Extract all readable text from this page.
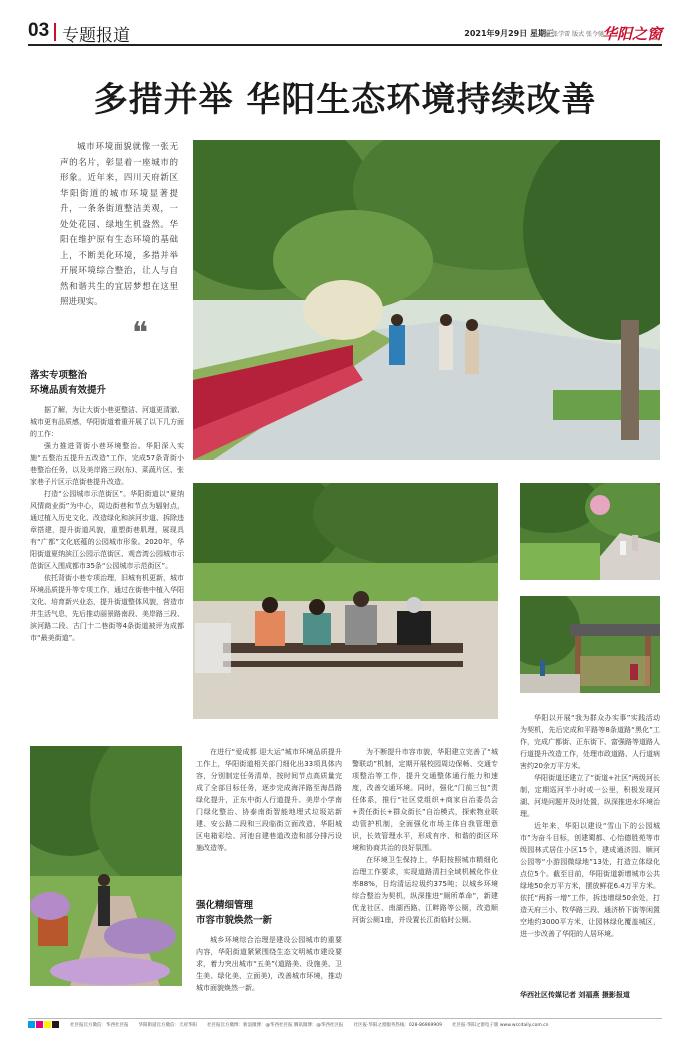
03 专题报道	2021年9月29日 星期三
责编 张学雷 版式 张令驰
华阳之窗
多措并举 华阳生态环境持续改善
城市环境面貌就像一张无声的名片，彰显着一座城市的形象。近年来，四川天府新区华阳街道的城市环境显著提升，一条条街道整洁美观，一处处花园、绿地生机盎然。华阳在维护原有生态环境的基础上，不断美化环境，多措并举开展环境综合整治，让人与自然和谐共生的宜居梦想在这里照进现实。
❝
落实专项整治
环境品质有效提升

据了解，为让大街小巷更整洁、河道更清澈、城市更有品质感，华阳街道着重开展了以下几方面的工作：

强力推进背街小巷环境整治。华阳深入实施“五整治五提升五改造”工作，完成57条背街小巷整治任务，以及美岸路三段(东)、菜蔬片区、张家巷子片区示范街巷提升改造。

打造“公园城市示范街区”。华阳街道以“夏纳风情商业街”为中心，周边街巷和节点为辐射点，通过植入历史文化、改造绿化和滨河步道、拆除违章搭建，提升街道风貌，重塑街巷肌理，展现具有“广都”文化底蕴的公园城市形象。2020年，华阳街道夏纳滨江公园示范街区、观音湾公园城市示范街区入围成都市35条“公园城市示范街区”。

依托背街小巷专项治理，旧城有机更新，城市环境品质提升等专项工作，通过在街巷中植入华阳文化、培育新兴业态，提升街道整体风貌，营造市井生活气息，先后推动丽景路南段、美岸路三段、滨河路二段、古门十二巷街等4条街道被评为成都市“最美街道”。

华阳以开展“我为群众办实事”实践活动为契机，先后完成和平路等8条道路“黑化”工作，完成广都街、正东街下、富强路等道路人行道提升改造工作，处理市政道路、人行道病害约20余万平方米。

华阳街道还建立了“街道+社区”两级河长制，定期巡河半小时或一公里，积极发现河湖、河堤问题并及时处置，纵深推进水环境治理。

近年来，华阳以建设“雪山下的公园城市”为奋斗目标，创建蜀都、心怡德胜苑等市级园林式居住小区15个，建成通济园、顺河公园等“小游园微绿地”13处，打造立体绿化点位5个。截至目前，华阳街道新增城市公共绿地50余万平方米，摆放鲜花6.4万平方米。依托“两拆一增”工作，拆违增绿50余处，打造天府三小、牧华路三段、通济桥下街等闲置空地约3000平方米，让园林绿化覆盖城区，进一步改善了华阳的人居环境。

在进行“爱成都 迎大运”城市环境品质提升工作上，华阳街道相关部门细化出33项具体内容，分别制定任务清单，按时间节点高质量完成了全部目标任务，逐步完成海洋路至海昌路绿化提升，正东中街人行道提升、美岸小学南门绿化整治、协泰南街智能地埋式垃圾站新建、安公路二段和三段临街立面改造、华阳城区电箱彩绘、河池自建巷道改造和部分排污设施改造等。

强化精细管理
市容市貌焕然一新

城乡环境综合治理是建设公园城市的重要内容，华阳街道紧紧围绕生态文明城市建设要求，着力突出城市“五美”(道路美、设施美、卫生美、绿化美、立面美)，改善城市环境，推动城市面貌焕然一新。

为不断提升市容市貌，华阳建立完善了“城警联动”机制，定期开展校园周边保畅、交通专项整治等工作，提升交通整体通行能力和速度，改善交通环境。同时，强化“门前三包”责任体系，推行“社区党组织+商家自治委员会+责任街长+群众街长”自治模式，探索物业联动管护机制，全面强化市场主体自我管理意识，长效管理水平，形成有序、和谐的街区环境和协商共治的良好氛围。

在环境卫生保持上，华阳按照城市精细化治理工作要求，实现道路清扫全域机械化作业率88%，日均清运垃圾约375吨；以城乡环境综合整治为契机，纵深推进“厕所革命”，新建优龙社区、南湖西路、江畔路等公厕，改造顺河街公厕1座，并设置长江街临时公厕。

华西社区传媒记者 刘福燕 摄影报道
社区报官方微信：华西社区报 华阳街道官方微信：天府华阳 社区报官方微博：新浪微博：@华西社区报 腾讯微博：@华西社区报 社区报·华阳之窗服务热线：028-86969909 社区报·华阳之窗电子版 www.wccdaily.com.cn
